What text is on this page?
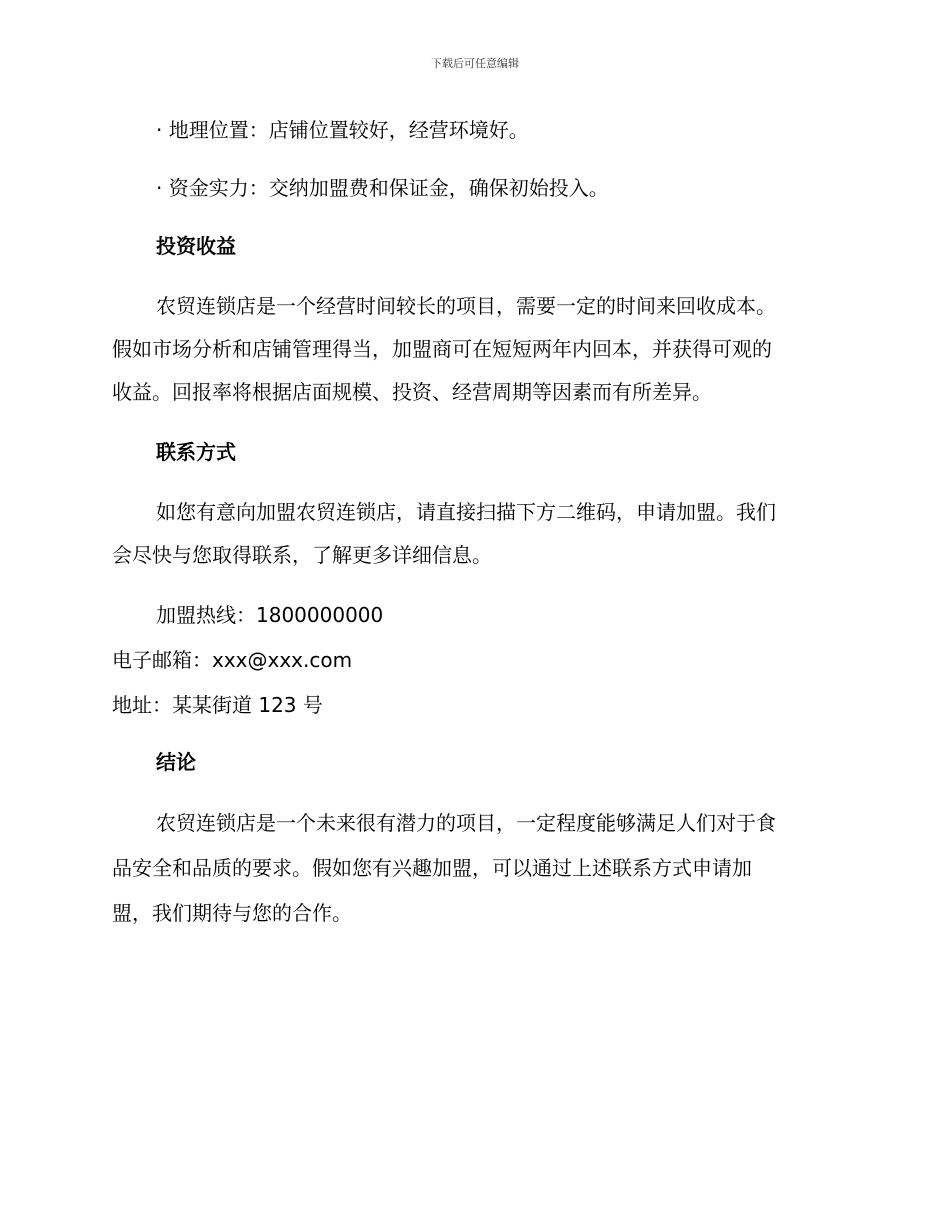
下载后可任意编辑

· 地理位置：店铺位置较好，经营环境好。

· 资金实力：交纳加盟费和保证金，确保初始投入。

投资收益

农贸连锁店是一个经营时间较长的项目，需要一定的时间来回收成本。

假如市场分析和店铺管理得当，加盟商可在短短两年内回本，并获得可观的

收益。回报率将根据店面规模、投资、经营周期等因素而有所差异。

联系方式

如您有意向加盟农贸连锁店，请直接扫描下方二维码，申请加盟。我们

会尽快与您取得联系，了解更多详细信息。

加盟热线：1800000000

电子邮箱：xxx@xxx.com

地址：某某街道 123 号

结论

农贸连锁店是一个未来很有潜力的项目，一定程度能够满足人们对于食

品安全和品质的要求。假如您有兴趣加盟，可以通过上述联系方式申请加

盟，我们期待与您的合作。
